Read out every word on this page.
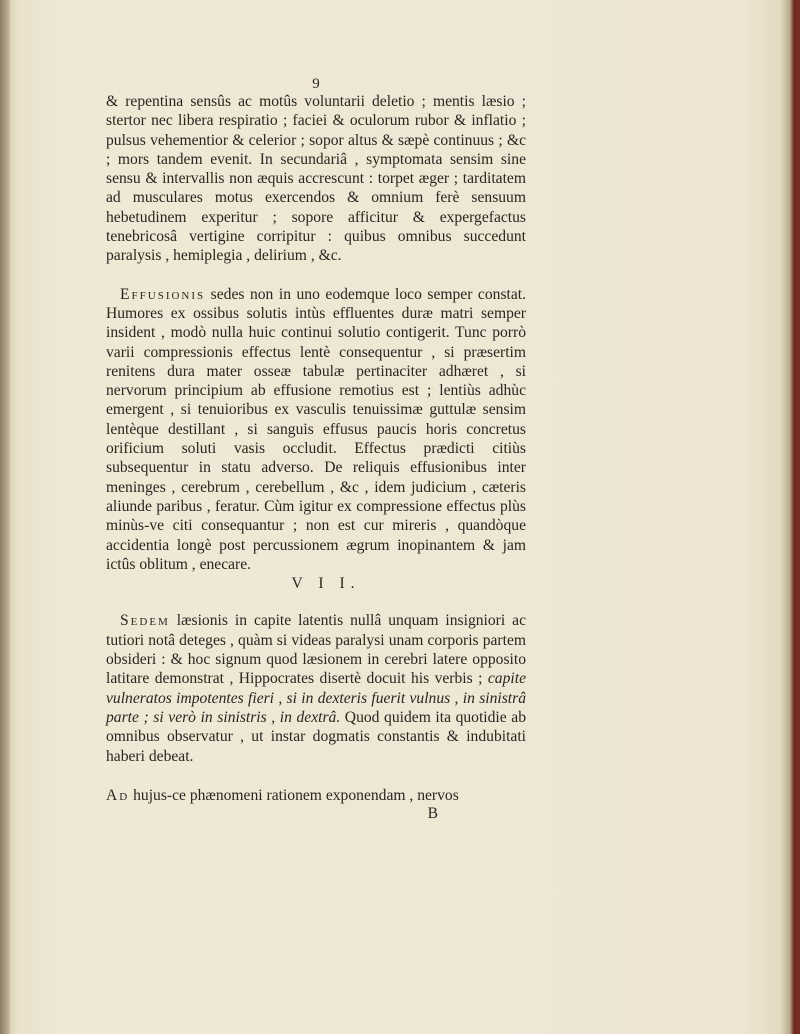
9

& repentina sensûs ac motûs voluntarii deletio ; mentis læsio ; stertor nec libera respiratio ; faciei & oculorum rubor & inflatio ; pulsus vehementior & celerior ; sopor altus & sæpè continuus ; &c ; mors tandem evenit. In secundariâ , symptomata sensim sine sensu & intervallis non æquis accrescunt : torpet æger ; tarditatem ad musculares motus exercendos & omnium ferè sensuum hebetudinem experitur ; sopore afficitur & expergefactus tenebricosâ vertigine corripitur : quibus omnibus succedunt paralysis , hemiplegia , delirium , &c.

Effusionis sedes non in uno eodemque loco semper constat. Humores ex ossibus solutis intùs effluentes duræ matri semper insident , modò nulla huic continui solutio contigerit. Tunc porrò varii compressionis effectus lentè consequentur , si præsertim renitens dura mater osseæ tabulæ pertinaciter adhæret , si nervorum principium ab effusione remotius est ; lentiùs adhùc emergent , si tenuioribus ex vasculis tenuissimæ guttulæ sensim lentèque destillant , si sanguis effusus paucis horis concretus orificium soluti vasis occludit. Effectus prædicti citiùs subsequentur in statu adverso. De reliquis effusionibus inter meninges , cerebrum , cerebellum , &c , idem judicium , cæteris aliunde paribus , feratur. Cùm igitur ex compressione effectus plùs minùs-ve citi consequantur ; non est cur mireris , quandòque accidentia longè post percussionem ægrum inopinantem & jam ictûs oblitum , enecare.

V I I.

Sedem læsionis in capite latentis nullâ unquam insigniori ac tutiori notâ deteges , quàm si videas paralysi unam corporis partem obsideri : & hoc signum quod læsionem in cerebri latere opposito latitare demonstrat , Hippocrates disertè docuit his verbis ; capite vulneratos impotentes fieri , si in dexteris fuerit vulnus , in sinistrâ parte ; si verò in sinistris , in dextrâ. Quod quidem ita quotidie ab omnibus observatur , ut instar dogmatis constantis & indubitati haberi debeat.

Ad hujus-ce phænomeni rationem exponendam , nervos

B
